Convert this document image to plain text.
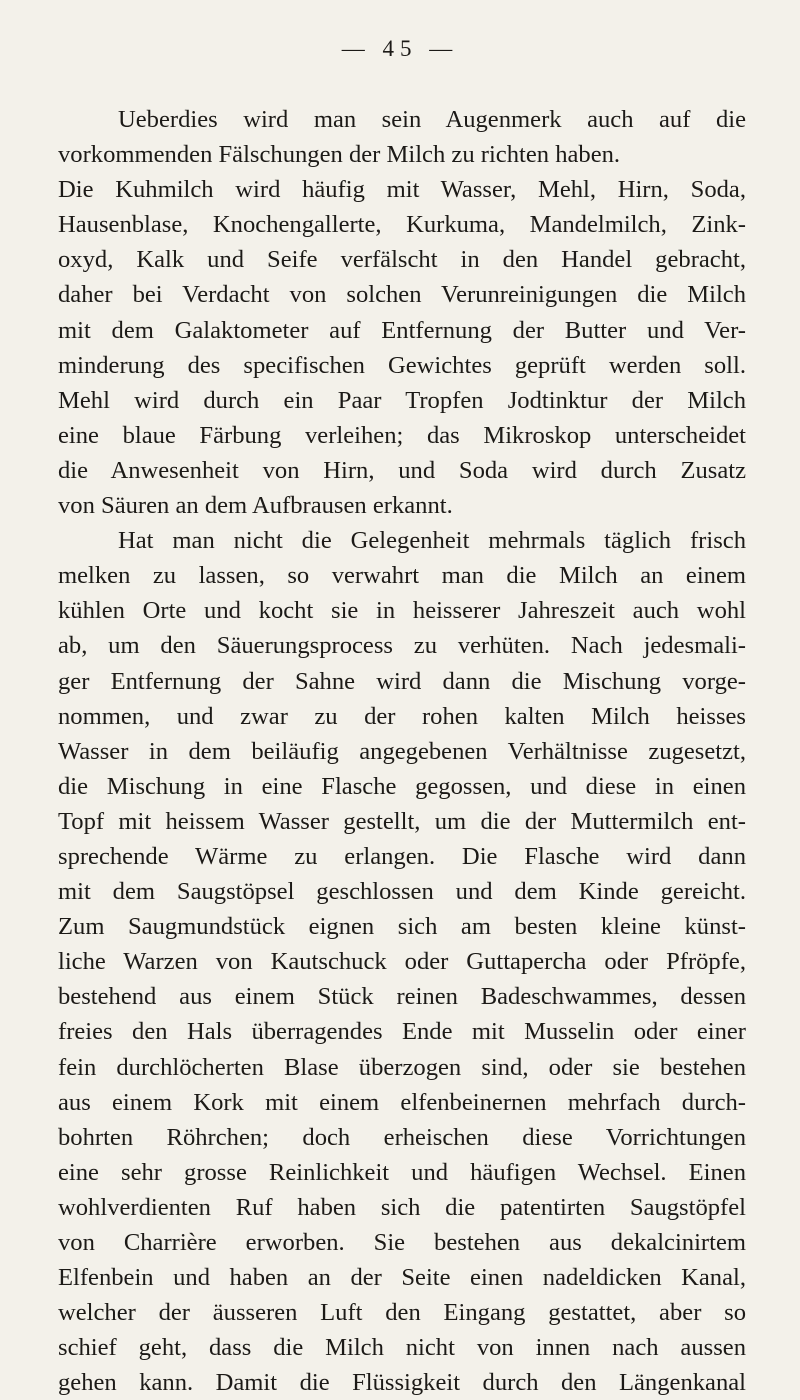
— 45 —
Ueberdies wird man sein Augenmerk auch auf die
vorkommenden Fälschungen der Milch zu richten haben.
Die Kuhmilch wird häufig mit Wasser, Mehl, Hirn, Soda,
Hausenblase, Knochengallerte, Kurkuma, Mandelmilch, Zink-
oxyd, Kalk und Seife verfälscht in den Handel gebracht,
daher bei Verdacht von solchen Verunreinigungen die Milch
mit dem Galaktometer auf Entfernung der Butter und Ver-
minderung des specifischen Gewichtes geprüft werden soll.
Mehl wird durch ein Paar Tropfen Jodtinktur der Milch
eine blaue Färbung verleihen; das Mikroskop unterscheidet
die Anwesenheit von Hirn, und Soda wird durch Zusatz
von Säuren an dem Aufbrausen erkannt.
Hat man nicht die Gelegenheit mehrmals täglich frisch
melken zu lassen, so verwahrt man die Milch an einem
kühlen Orte und kocht sie in heisserer Jahreszeit auch wohl
ab, um den Säuerungsprocess zu verhüten. Nach jedesmali-
ger Entfernung der Sahne wird dann die Mischung vorge-
nommen, und zwar zu der rohen kalten Milch heisses
Wasser in dem beiläufig angegebenen Verhältnisse zugesetzt,
die Mischung in eine Flasche gegossen, und diese in einen
Topf mit heissem Wasser gestellt, um die der Muttermilch ent-
sprechende Wärme zu erlangen. Die Flasche wird dann
mit dem Saugstöpsel geschlossen und dem Kinde gereicht.
Zum Saugmundstück eignen sich am besten kleine künst-
liche Warzen von Kautschuck oder Guttapercha oder Pfröpfe,
bestehend aus einem Stück reinen Badeschwammes, dessen
freies den Hals überragendes Ende mit Musselin oder einer
fein durchlöcherten Blase überzogen sind, oder sie bestehen
aus einem Kork mit einem elfenbeinernen mehrfach durch-
bohrten Röhrchen; doch erheischen diese Vorrichtungen
eine sehr grosse Reinlichkeit und häufigen Wechsel. Einen
wohlverdienten Ruf haben sich die patentirten Saugstöpfel
von Charrière erworben. Sie bestehen aus dekalcinirtem
Elfenbein und haben an der Seite einen nadeldicken Kanal,
welcher der äusseren Luft den Eingang gestattet, aber so
schief geht, dass die Milch nicht von innen nach aussen
gehen kann. Damit die Flüssigkeit durch den Längenkanal
